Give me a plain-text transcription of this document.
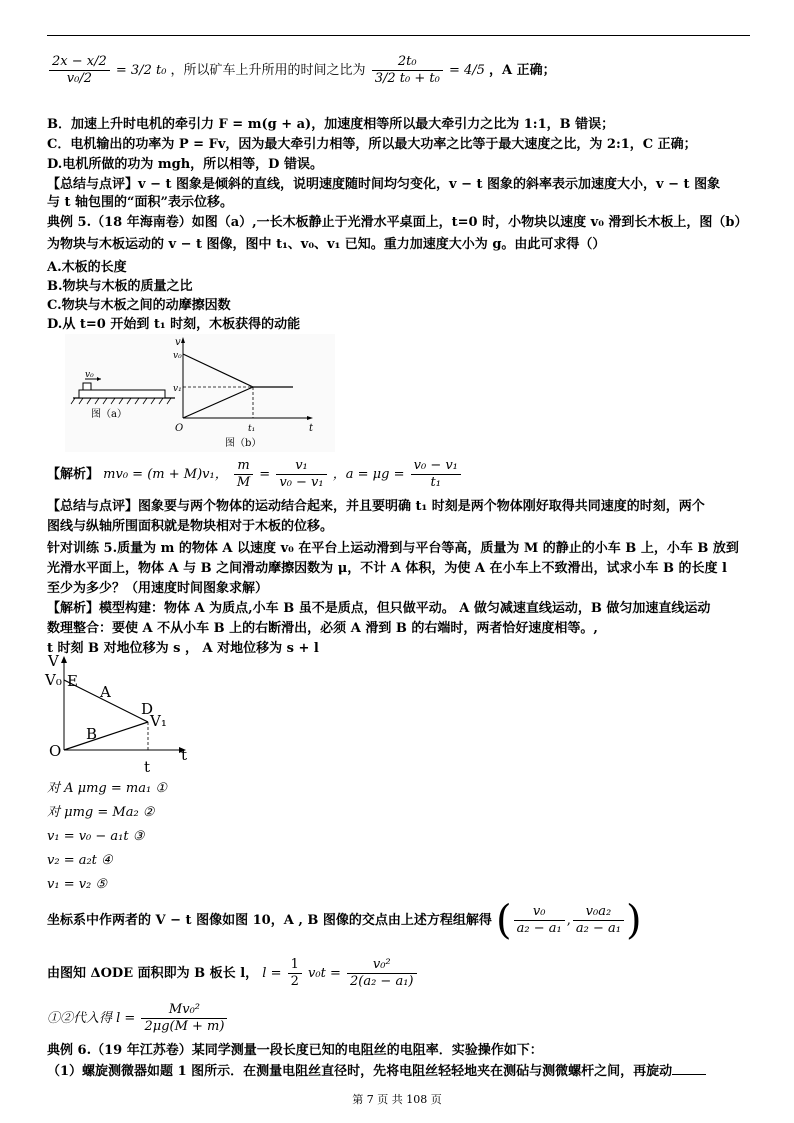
$\frac{2x - x/2}{\text{v₀/2}} = 3/2$ t₀ ，所以矿车上升所用的时间之比为 $\frac{\text{2t₀}}{\text{3/2 t₀ + t₀}} = 4/5$ ，A 正确；
B．加速上升时电机的牵引力 F = m(g + a)，加速度相等所以最大牵引力之比为 1:1，B 错误；
C．电机输出的功率为 P = Fv，因为最大牵引力相等，所以最大功率之比等于最大速度之比，为 2:1，C 正确；
D.电机所做的功为 mgh，所以相等，D 错误。
【总结与点评】v − t 图象是倾斜的直线，说明速度随时间均匀变化，v − t 图象的斜率表示加速度大小，v − t 图象
与 t 轴包围的“面积”表示位移。
典例 5.（18 年海南卷）如图（a）,一长木板静止于光滑水平桌面上，t=0 时，小物块以速度 v₀ 滑到长木板上，图（b）
为物块与木板运动的 v − t 图像，图中 t₁、v₀、v₁ 已知。重力加速度大小为 g。由此可求得（）
A.木板的长度
B.物块与木板的质量之比
C.物块与木板之间的动摩擦因数
D.从 t=0 开始到 t₁ 时刻，木板获得的动能
v₀
图（a）
v
t
O
v₀
v₁
t₁
图（b）
【解析】 mv₀ = (m + M)v₁， $\frac{m}{M} = \frac{\text{v₁}}{\text{v₀ − v₁}}$ ，$a = \mu g = \frac{\text{v₀ − v₁}}{\text{t₁}}$
【总结与点评】图象要与两个物体的运动结合起来，并且要明确 t₁ 时刻是两个物体刚好取得共同速度的时刻，两个
图线与纵轴所围面积就是物块相对于木板的位移。
针对训练 5.质量为 m 的物体 A 以速度 v₀ 在平台上运动滑到与平台等高，质量为 M 的静止的小车 B 上，小车 B 放到
光滑水平面上，物体 A 与 B 之间滑动摩擦因数为 μ，不计 A 体积，为使 A 在小车上不致滑出，试求小车 B 的长度 l
至少为多少？（用速度时间图象求解）
【解析】模型构建：物体 A 为质点,小车 B 虽不是质点，但只做平动。 A 做匀减速直线运动，B 做匀加速直线运动
数理整合：要使 A 不从小车 B 上的右断滑出，必须 A 滑到 B 的右端时，两者恰好速度相等。,
t 时刻 B 对地位移为 s ， A 对地位移为 s + l
V
V₀ E
A
D
V₁
B
O	t
t
对 A μmg = ma₁ ①
对 μmg = Ma₂ ②
v₁ = v₀ − a₁t ③
v₂ = a₂t ④
v₁ = v₂ ⑤
坐标系中作两者的 V − t 图像如图 10，A , B 图像的交点由上述方程组解得 ( $\frac{\text{v₀}}{\text{a₂ − a₁}}$ , $\frac{\text{v₀a₂}}{\text{a₂ − a₁}}$ )
由图知 ΔODE 面积即为 B 板长 l， $l = \frac{1}{2} v_0t = \frac{\text{v₀²}}{\text{2(a₂ − a₁)}}$
①②代入得 $l = \frac{\text{Mv₀²}}{2\mu g(M + m)}$
典例 6.（19 年江苏卷）某同学测量一段长度已知的电阻丝的电阻率．实验操作如下：
（1）螺旋测微器如题 1 图所示．在测量电阻丝直径时，先将电阻丝轻轻地夹在测砧与测微螺杆之间，再旋动
第 7 页 共 108 页
